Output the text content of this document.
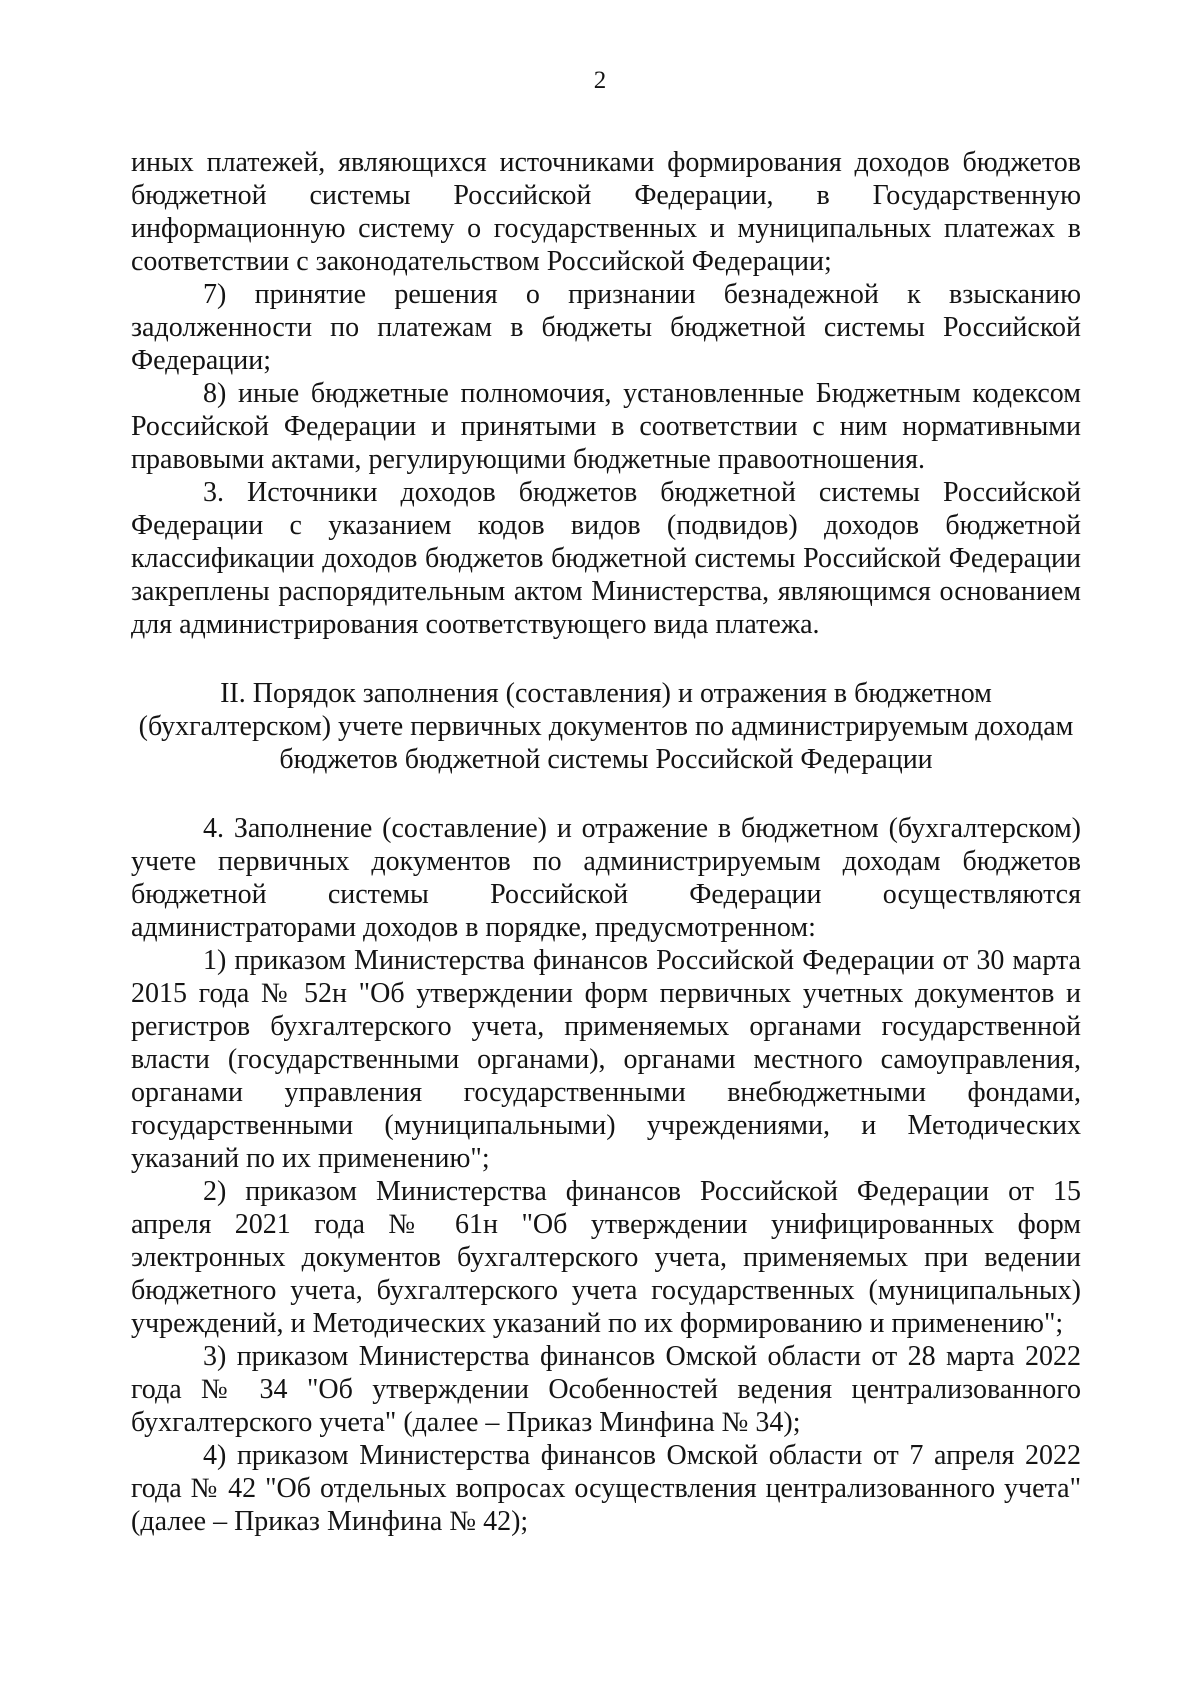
2

иных платежей, являющихся источниками формирования доходов бюджетов бюджетной системы Российской Федерации, в Государственную информационную систему о государственных и муниципальных платежах в соответствии с законодательством Российской Федерации;

7) принятие решения о признании безнадежной к взысканию задолженности по платежам в бюджеты бюджетной системы Российской Федерации;

8) иные бюджетные полномочия, установленные Бюджетным кодексом Российской Федерации и принятыми в соответствии с ним нормативными правовыми актами, регулирующими бюджетные правоотношения.

3. Источники доходов бюджетов бюджетной системы Российской Федерации с указанием кодов видов (подвидов) доходов бюджетной классификации доходов бюджетов бюджетной системы Российской Федерации закреплены распорядительным актом Министерства, являющимся основанием для администрирования соответствующего вида платежа.

II. Порядок заполнения (составления) и отражения в бюджетном
(бухгалтерском) учете первичных документов по администрируемым доходам
бюджетов бюджетной системы Российской Федерации

4. Заполнение (составление) и отражение в бюджетном (бухгалтерском) учете первичных документов по администрируемым доходам бюджетов бюджетной системы Российской Федерации осуществляются администраторами доходов в порядке, предусмотренном:

1) приказом Министерства финансов Российской Федерации от 30 марта 2015 года № 52н "Об утверждении форм первичных учетных документов и регистров бухгалтерского учета, применяемых органами государственной власти (государственными органами), органами местного самоуправления, органами управления государственными внебюджетными фондами, государственными (муниципальными) учреждениями, и Методических указаний по их применению";

2) приказом Министерства финансов Российской Федерации от 15 апреля 2021 года № 61н "Об утверждении унифицированных форм электронных документов бухгалтерского учета, применяемых при ведении бюджетного учета, бухгалтерского учета государственных (муниципальных) учреждений, и Методических указаний по их формированию и применению";

3) приказом Министерства финансов Омской области от 28 марта 2022 года № 34 "Об утверждении Особенностей ведения централизованного бухгалтерского учета" (далее – Приказ Минфина № 34);

4) приказом Министерства финансов Омской области от 7 апреля 2022 года № 42 "Об отдельных вопросах осуществления централизованного учета" (далее – Приказ Минфина № 42);
